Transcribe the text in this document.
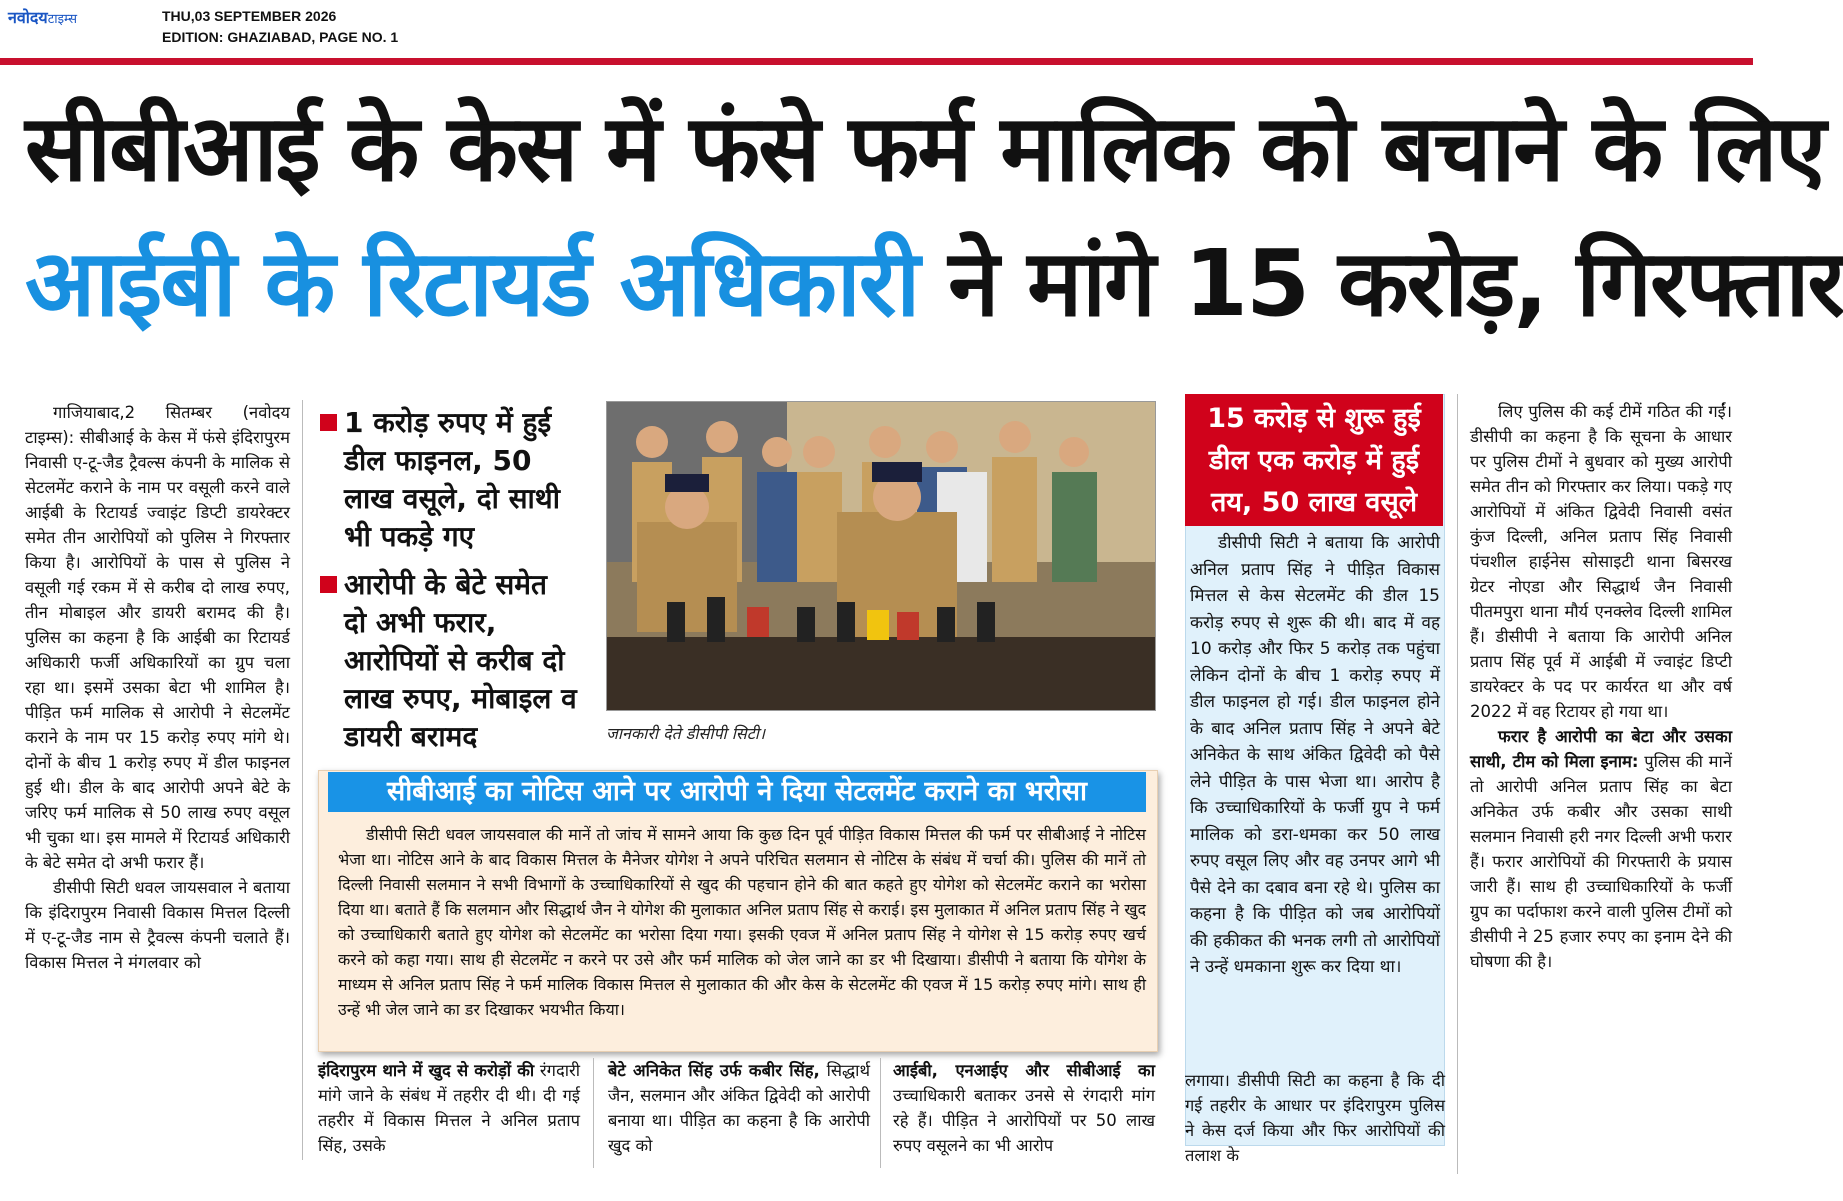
नवोदयटाइम्स	THU,03 SEPTEMBER 2026
EDITION: GHAZIABAD, PAGE NO. 1
सीबीआई के केस में फंसे फर्म मालिक को बचाने के लिए
आईबी के रिटायर्ड अधिकारी ने मांगे 15 करोड़, गिरफ्तार

गाजियाबाद,2 सितम्बर (नवोदय टाइम्स): सीबीआई के केस में फंसे इंदिरापुरम निवासी ए-टू-जैड ट्रैवल्स कंपनी के मालिक से सेटलमेंट कराने के नाम पर वसूली करने वाले आईबी के रिटायर्ड ज्वाइंट डिप्टी डायरेक्टर समेत तीन आरोपियों को पुलिस ने गिरफ्तार किया है। आरोपियों के पास से पुलिस ने वसूली गई रकम में से करीब दो लाख रुपए, तीन मोबाइल और डायरी बरामद की है। पुलिस का कहना है कि आईबी का रिटायर्ड अधिकारी फर्जी अधिकारियों का ग्रुप चला रहा था। इसमें उसका बेटा भी शामिल है। पीड़ित फर्म मालिक से आरोपी ने सेटलमेंट कराने के नाम पर 15 करोड़ रुपए मांगे थे। दोनों के बीच 1 करोड़ रुपए में डील फाइनल हुई थी। डील के बाद आरोपी अपने बेटे के जरिए फर्म मालिक से 50 लाख रुपए वसूल भी चुका था। इस मामले में रिटायर्ड अधिकारी के बेटे समेत दो अभी फरार हैं।

डीसीपी सिटी धवल जायसवाल ने बताया कि इंदिरापुरम निवासी विकास मित्तल दिल्ली में ए-टू-जैड नाम से ट्रैवल्स कंपनी चलाते हैं। विकास मित्तल ने मंगलवार को

1 करोड़ रुपए में हुई डील फाइनल, 50 लाख वसूले, दो साथी भी पकड़े गए
आरोपी के बेटे समेत दो अभी फरार, आरोपियों से करीब दो लाख रुपए, मोबाइल व डायरी बरामद	जानकारी देते डीसीपी सिटी।
सीबीआई का नोटिस आने पर आरोपी ने दिया सेटलमेंट कराने का भरोसा
डीसीपी सिटी धवल जायसवाल की मानें तो जांच में सामने आया कि कुछ दिन पूर्व पीड़ित विकास मित्तल की फर्म पर सीबीआई ने नोटिस भेजा था। नोटिस आने के बाद विकास मित्तल के मैनेजर योगेश ने अपने परिचित सलमान से नोटिस के संबंध में चर्चा की। पुलिस की मानें तो दिल्ली निवासी सलमान ने सभी विभागों के उच्चाधिकारियों से खुद की पहचान होने की बात कहते हुए योगेश को सेटलमेंट कराने का भरोसा दिया था। बताते हैं कि सलमान और सिद्धार्थ जैन ने योगेश की मुलाकात अनिल प्रताप सिंह से कराई। इस मुलाकात में अनिल प्रताप सिंह ने खुद को उच्चाधिकारी बताते हुए योगेश को सेटलमेंट का भरोसा दिया गया। इसकी एवज में अनिल प्रताप सिंह ने योगेश से 15 करोड़ रुपए खर्च करने को कहा गया। साथ ही सेटलमेंट न करने पर उसे और फर्म मालिक को जेल जाने का डर भी दिखाया। डीसीपी ने बताया कि योगेश के माध्यम से अनिल प्रताप सिंह ने फर्म मालिक विकास मित्तल से मुलाकात की और केस के सेटलमेंट की एवज में 15 करोड़ रुपए मांगे। साथ ही उन्हें भी जेल जाने का डर दिखाकर भयभीत किया।
इंदिरापुरम थाने में खुद से करोड़ों की रंगदारी मांगे जाने के संबंध में तहरीर दी थी। दी गई तहरीर में विकास मित्तल ने अनिल प्रताप सिंह, उसके
बेटे अनिकेत सिंह उर्फ कबीर सिंह, सिद्धार्थ जैन, सलमान और अंकित द्विवेदी को आरोपी बनाया था। पीड़ित का कहना है कि आरोपी खुद को
आईबी, एनआईए और सीबीआई का उच्चाधिकारी बताकर उनसे से रंगदारी मांग रहे हैं। पीड़ित ने आरोपियों पर 50 लाख रुपए वसूलने का भी आरोप
15 करोड़ से शुरू हुई डील एक करोड़ में हुई तय, 50 लाख वसूले
डीसीपी सिटी ने बताया कि आरोपी अनिल प्रताप सिंह ने पीड़ित विकास मित्तल से केस सेटलमेंट की डील 15 करोड़ रुपए से शुरू की थी। बाद में वह 10 करोड़ और फिर 5 करोड़ तक पहुंचा लेकिन दोनों के बीच 1 करोड़ रुपए में डील फाइनल हो गई। डील फाइनल होने के बाद अनिल प्रताप सिंह ने अपने बेटे अनिकेत के साथ अंकित द्विवेदी को पैसे लेने पीड़ित के पास भेजा था। आरोप है कि उच्चाधिकारियों के फर्जी ग्रुप ने फर्म मालिक को डरा-धमका कर 50 लाख रुपए वसूल लिए और वह उनपर आगे भी पैसे देने का दबाव बना रहे थे। पुलिस का कहना है कि पीड़ित को जब आरोपियों की हकीकत की भनक लगी तो आरोपियों ने उन्हें धमकाना शुरू कर दिया था।
लगाया। डीसीपी सिटी का कहना है कि दी गई तहरीर के आधार पर इंदिरापुरम पुलिस ने केस दर्ज किया और फिर आरोपियों की तलाश के

लिए पुलिस की कई टीमें गठित की गईं। डीसीपी का कहना है कि सूचना के आधार पर पुलिस टीमों ने बुधवार को मुख्य आरोपी समेत तीन को गिरफ्तार कर लिया। पकड़े गए आरोपियों में अंकित द्विवेदी निवासी वसंत कुंज दिल्ली, अनिल प्रताप सिंह निवासी पंचशील हाईनेस सोसाइटी थाना बिसरख ग्रेटर नोएडा और सिद्धार्थ जैन निवासी पीतमपुरा थाना मौर्य एनक्लेव दिल्ली शामिल हैं। डीसीपी ने बताया कि आरोपी अनिल प्रताप सिंह पूर्व में आईबी में ज्वाइंट डिप्टी डायरेक्टर के पद पर कार्यरत था और वर्ष 2022 में वह रिटायर हो गया था।

फरार है आरोपी का बेटा और उसका साथी, टीम को मिला इनाम: पुलिस की मानें तो आरोपी अनिल प्रताप सिंह का बेटा अनिकेत उर्फ कबीर और उसका साथी सलमान निवासी हरी नगर दिल्ली अभी फरार हैं। फरार आरोपियों की गिरफ्तारी के प्रयास जारी हैं। साथ ही उच्चाधिकारियों के फर्जी ग्रुप का पर्दाफाश करने वाली पुलिस टीमों को डीसीपी ने 25 हजार रुपए का इनाम देने की घोषणा की है।
